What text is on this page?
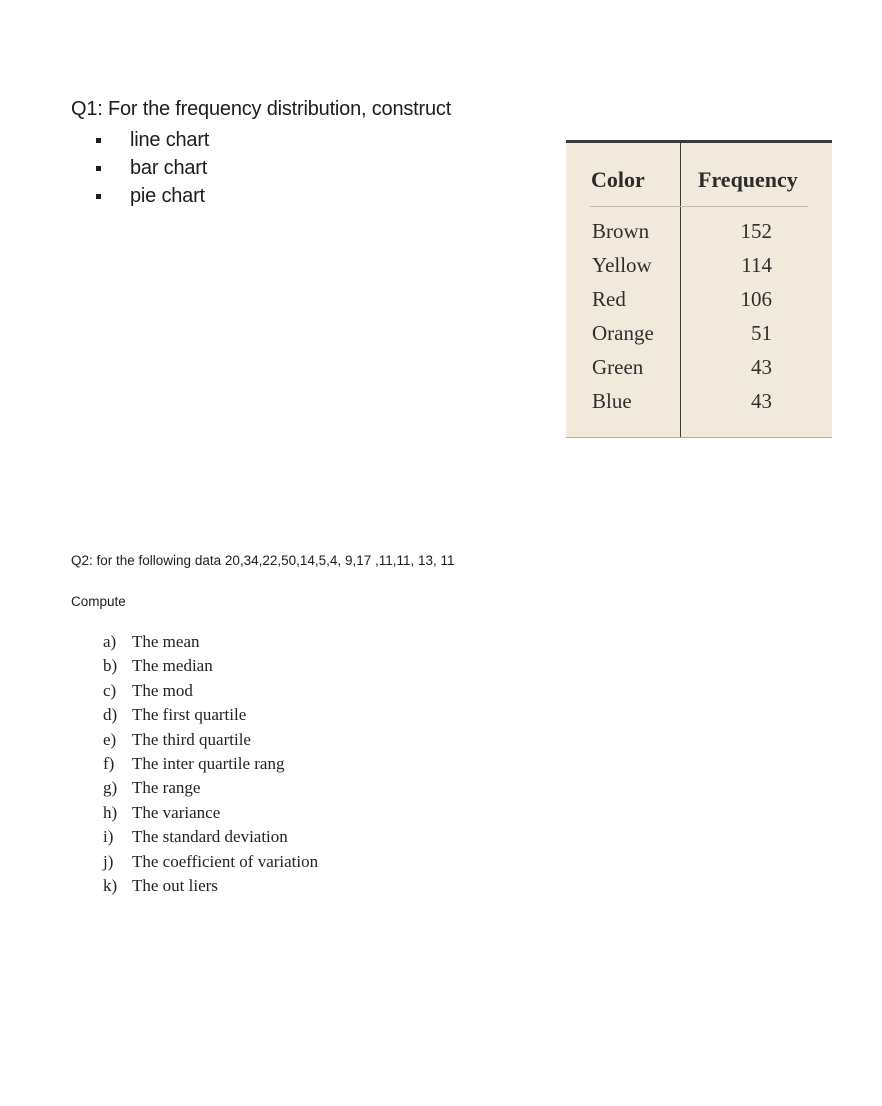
Q1: For the frequency distribution, construct
line chart
bar chart
pie chart
Color Frequency
Brown	152
Yellow	114
Red	106
Orange	51
Green	43
Blue	43
Q2: for the following data 20,34,22,50,14,5,4, 9,17 ,11,11, 13, 11

Compute

a) The mean
b) The median
c) The mod
d) The first quartile
e) The third quartile
f) The inter quartile rang
g) The range
h) The variance
i) The standard deviation
j) The coefficient of variation
k) The out liers
